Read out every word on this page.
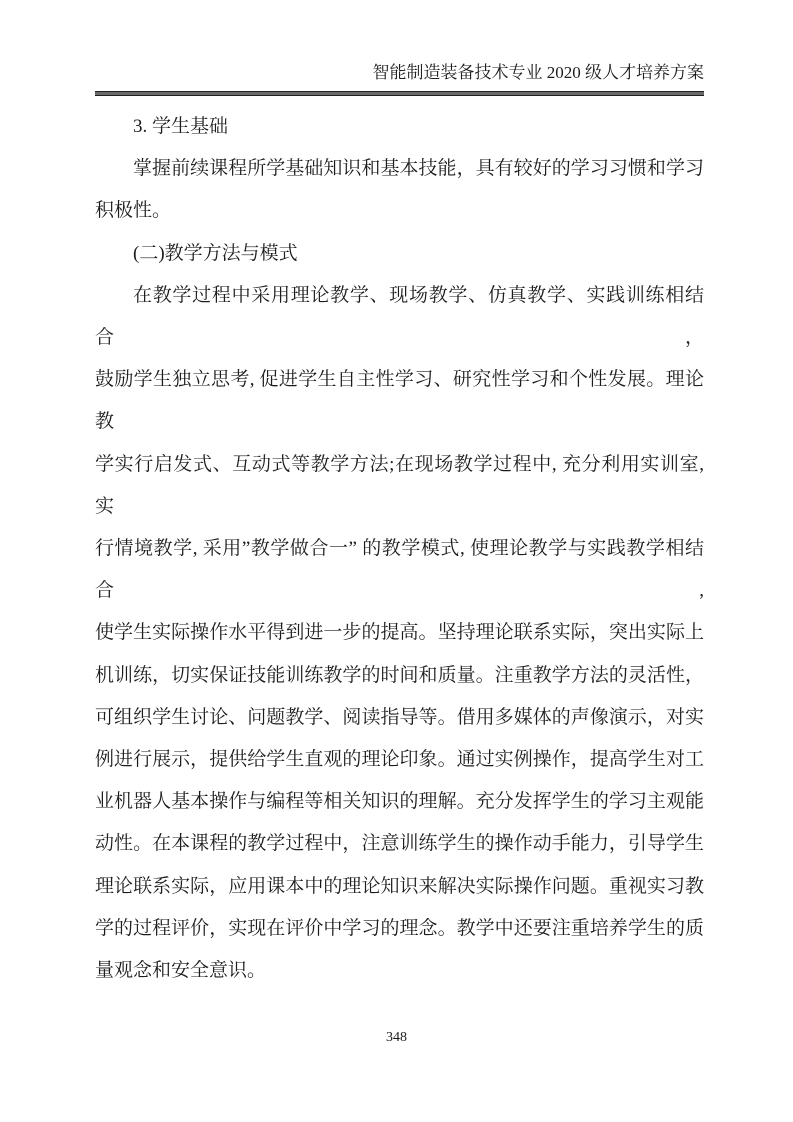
智能制造装备技术专业 2020 级人才培养方案
3. 学生基础
掌握前续课程所学基础知识和基本技能，具有较好的学习习惯和学习
积极性。
(二)教学方法与模式
在教学过程中采用理论教学、现场教学、仿真教学、实践训练相结合，
鼓励学生独立思考, 促进学生自主性学习、研究性学习和个性发展。理论教
学实行启发式、互动式等教学方法;在现场教学过程中, 充分利用实训室, 实
行情境教学, 采用”教学做合一” 的教学模式, 使理论教学与实践教学相结合,
使学生实际操作水平得到进一步的提高。坚持理论联系实际，突出实际上
机训练，切实保证技能训练教学的时间和质量。注重教学方法的灵活性，
可组织学生讨论、问题教学、阅读指导等。借用多媒体的声像演示，对实
例进行展示，提供给学生直观的理论印象。通过实例操作，提高学生对工
业机器人基本操作与编程等相关知识的理解。充分发挥学生的学习主观能
动性。在本课程的教学过程中，注意训练学生的操作动手能力，引导学生
理论联系实际，应用课本中的理论知识来解决实际操作问题。重视实习教
学的过程评价，实现在评价中学习的理念。教学中还要注重培养学生的质
量观念和安全意识。
348
